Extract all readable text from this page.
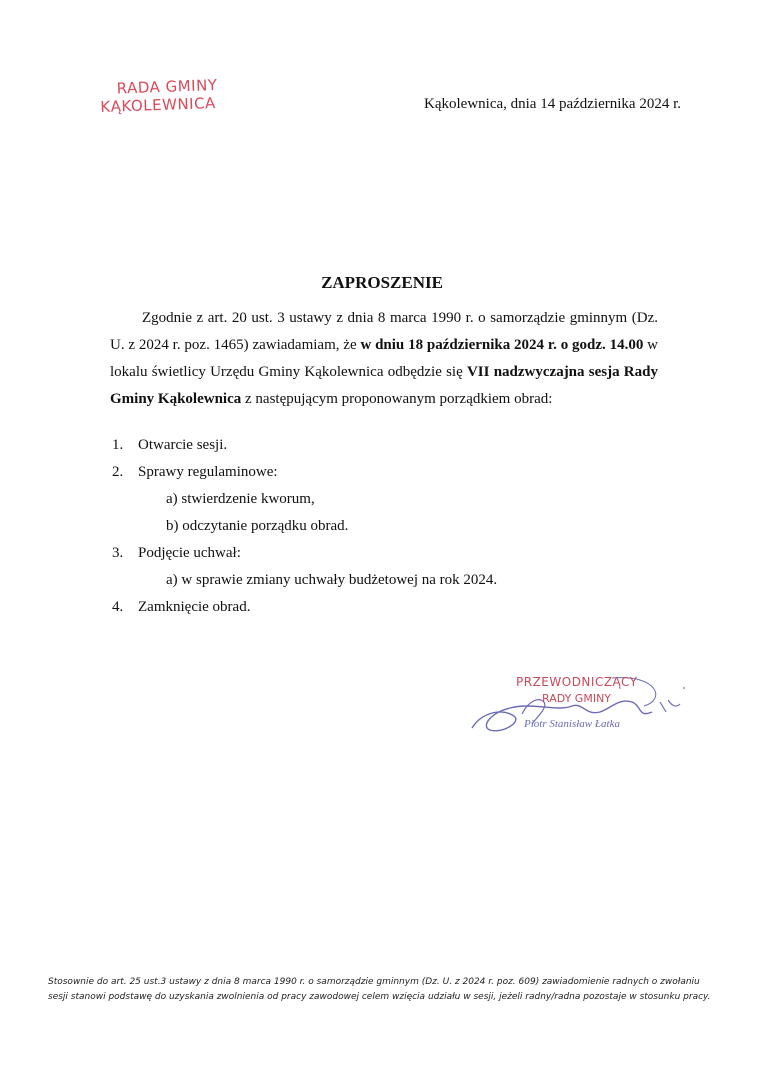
RADA GMINY
KĄKOLEWNICA	Kąkolewnica, dnia 14 października 2024 r.
ZAPROSZENIE

Zgodnie z art. 20 ust. 3 ustawy z dnia 8 marca 1990 r. o samorządzie gminnym (Dz. U. z 2024 r. poz. 1465) zawiadamiam, że w dniu 18 października 2024 r. o godz. 14.00 w lokalu świetlicy Urzędu Gminy Kąkolewnica odbędzie się VII nadzwyczajna sesja Rady Gminy Kąkolewnica z następującym proponowanym porządkiem obrad:

1. Otwarcie sesji.
2. Sprawy regulaminowe:
a) stwierdzenie kworum,
b) odczytanie porządku obrad.
3. Podjęcie uchwał:
a) w sprawie zmiany uchwały budżetowej na rok 2024.
4. Zamknięcie obrad.
PRZEWODNICZĄCY
RADY GMINY
Piotr Stanisław Łatka

Stosownie do art. 25 ust.3 ustawy z dnia 8 marca 1990 r. o samorządzie gminnym (Dz. U. z 2024 r. poz. 609) zawiadomienie radnych o zwołaniu sesji stanowi podstawę do uzyskania zwolnienia od pracy zawodowej celem wzięcia udziału w sesji, jeżeli radny/radna pozostaje w stosunku pracy.
